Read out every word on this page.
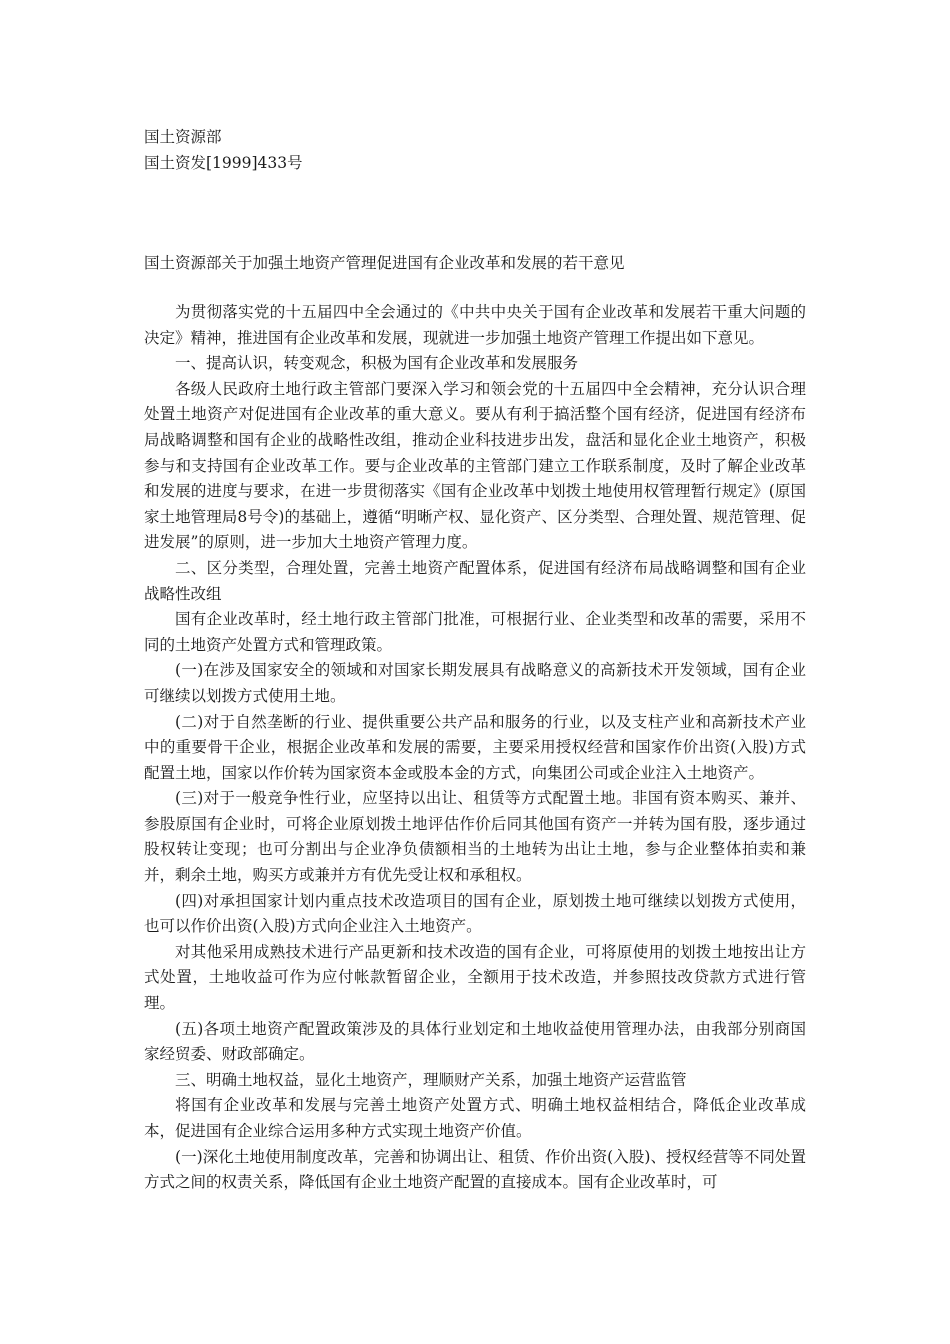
国土资源部
国土资发[1999]433号
国土资源部关于加强土地资产管理促进国有企业改革和发展的若干意见

为贯彻落实党的十五届四中全会通过的《中共中央关于国有企业改革和发展若干重大问题的决定》精神，推进国有企业改革和发展，现就进一步加强土地资产管理工作提出如下意见。

一、提高认识，转变观念，积极为国有企业改革和发展服务

各级人民政府土地行政主管部门要深入学习和领会党的十五届四中全会精神，充分认识合理处置土地资产对促进国有企业改革的重大意义。要从有利于搞活整个国有经济，促进国有经济布局战略调整和国有企业的战略性改组，推动企业科技进步出发，盘活和显化企业土地资产，积极参与和支持国有企业改革工作。要与企业改革的主管部门建立工作联系制度，及时了解企业改革和发展的进度与要求，在进一步贯彻落实《国有企业改革中划拨土地使用权管理暂行规定》(原国家土地管理局8号令)的基础上，遵循“明晰产权、显化资产、区分类型、合理处置、规范管理、促进发展”的原则，进一步加大土地资产管理力度。

二、区分类型，合理处置，完善土地资产配置体系，促进国有经济布局战略调整和国有企业战略性改组

国有企业改革时，经土地行政主管部门批准，可根据行业、企业类型和改革的需要，采用不同的土地资产处置方式和管理政策。

(一)在涉及国家安全的领域和对国家长期发展具有战略意义的高新技术开发领域，国有企业可继续以划拨方式使用土地。

(二)对于自然垄断的行业、提供重要公共产品和服务的行业，以及支柱产业和高新技术产业中的重要骨干企业，根据企业改革和发展的需要，主要采用授权经营和国家作价出资(入股)方式配置土地，国家以作价转为国家资本金或股本金的方式，向集团公司或企业注入土地资产。

(三)对于一般竞争性行业，应坚持以出让、租赁等方式配置土地。非国有资本购买、兼并、参股原国有企业时，可将企业原划拨土地评估作价后同其他国有资产一并转为国有股，逐步通过股权转让变现；也可分割出与企业净负债额相当的土地转为出让土地，参与企业整体拍卖和兼并，剩余土地，购买方或兼并方有优先受让权和承租权。

(四)对承担国家计划内重点技术改造项目的国有企业，原划拨土地可继续以划拨方式使用，也可以作价出资(入股)方式向企业注入土地资产。

对其他采用成熟技术进行产品更新和技术改造的国有企业，可将原使用的划拨土地按出让方式处置，土地收益可作为应付帐款暂留企业，全额用于技术改造，并参照技改贷款方式进行管理。

(五)各项土地资产配置政策涉及的具体行业划定和土地收益使用管理办法，由我部分别商国家经贸委、财政部确定。

三、明确土地权益，显化土地资产，理顺财产关系，加强土地资产运营监管

将国有企业改革和发展与完善土地资产处置方式、明确土地权益相结合，降低企业改革成本，促进国有企业综合运用多种方式实现土地资产价值。

(一)深化土地使用制度改革，完善和协调出让、租赁、作价出资(入股)、授权经营等不同处置方式之间的权责关系，降低国有企业土地资产配置的直接成本。国有企业改革时，可
